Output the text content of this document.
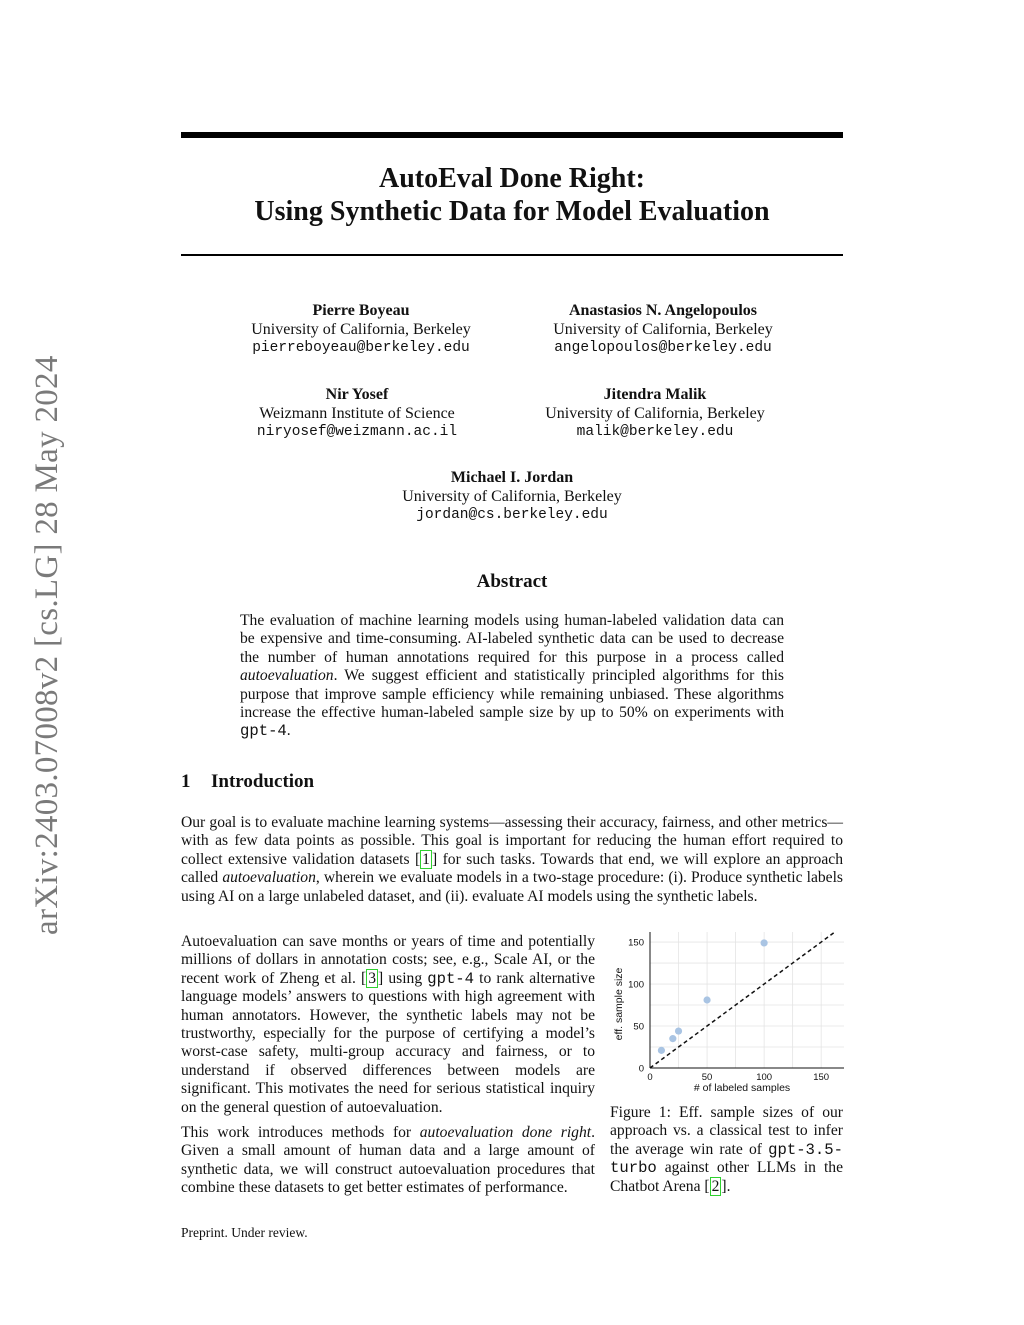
arXiv:2403.07008v2 [cs.LG] 28 May 2024
AutoEval Done Right:
Using Synthetic Data for Model Evaluation
Pierre Boyeau
University of California, Berkeley
pierreboyeau@berkeley.edu
Anastasios N. Angelopoulos
University of California, Berkeley
angelopoulos@berkeley.edu
Nir Yosef
Weizmann Institute of Science
niryosef@weizmann.ac.il
Jitendra Malik
University of California, Berkeley
malik@berkeley.edu
Michael I. Jordan
University of California, Berkeley
jordan@cs.berkeley.edu
Abstract

The evaluation of machine learning models using human-labeled validation data can be expensive and time-consuming. AI-labeled synthetic data can be used to decrease the number of human annotations required for this purpose in a process called autoevaluation. We suggest efficient and statistically principled algorithms for this purpose that improve sample efficiency while remaining unbiased. These algorithms increase the effective human-labeled sample size by up to 50% on experiments with gpt-4.

1 Introduction

Our goal is to evaluate machine learning systems—assessing their accuracy, fairness, and other metrics—with as few data points as possible. This goal is important for reducing the human effort required to collect extensive validation datasets [ 1 ] for such tasks. Towards that end, we will explore an approach called autoevaluation, wherein we evaluate models in a two-stage procedure: (i). Produce synthetic labels using AI on a large unlabeled dataset, and (ii). evaluate AI models using the synthetic labels.

Autoevaluation can save months or years of time and potentially millions of dollars in annotation costs; see, e.g., Scale AI, or the recent work of Zheng et al. [ 3 ] using gpt-4 to rank alternative language models’ answers to questions with high agreement with human annotators. However, the synthetic labels may not be trustworthy, especially for the purpose of certifying a model’s worst-case safety, multi-group accuracy and fairness, or to understand if observed differences between models are significant. This motivates the need for serious statistical inquiry on the general question of autoevaluation.

This work introduces methods for autoevaluation done right. Given a small amount of human data and a large amount of synthetic data, we will construct autoevaluation procedures that combine these datasets to get better estimates of performance.

0	50	100	150
0
50
100
150
# of labeled samples
eff. sample size

Figure 1: Eff. sample sizes of our approach vs. a classical test to infer the average win rate of gpt-3.5-turbo against other LLMs in the Chatbot Arena [ 2 ].

Preprint. Under review.
